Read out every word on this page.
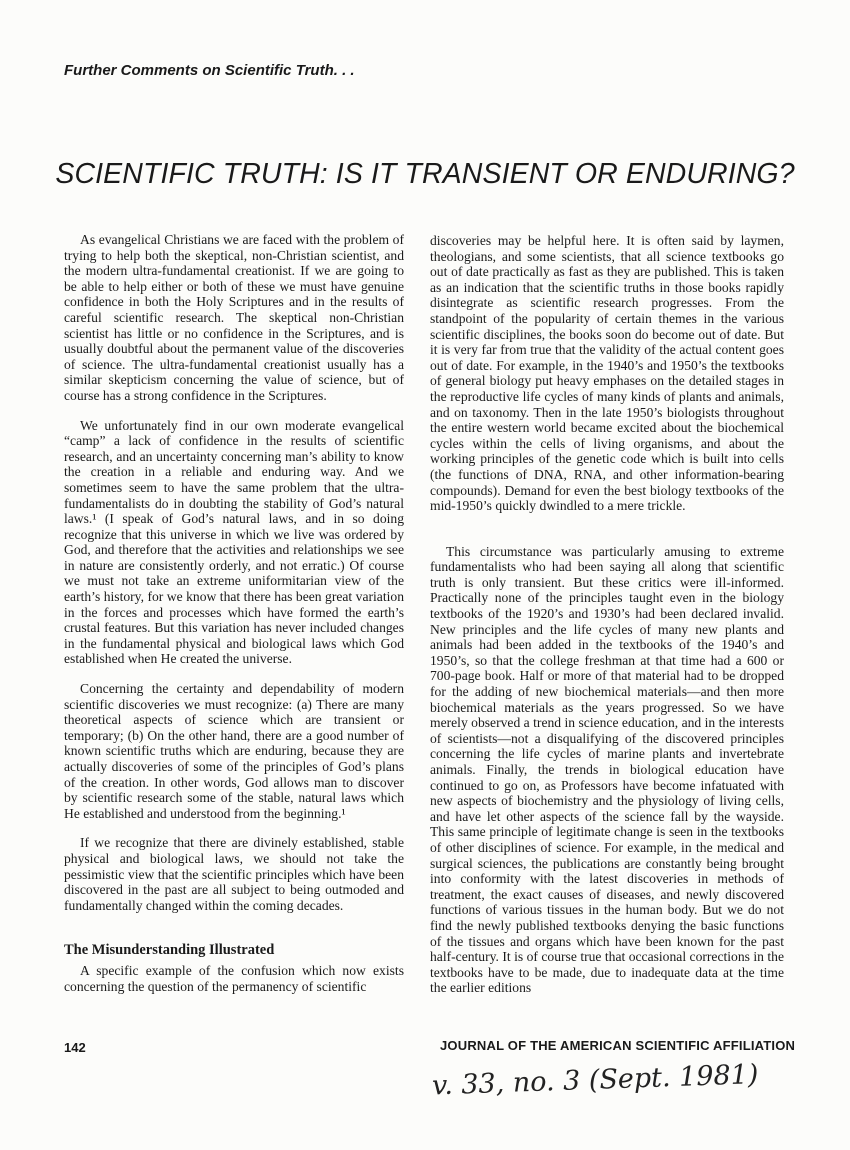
Further Comments on Scientific Truth. . .
SCIENTIFIC TRUTH: IS IT TRANSIENT OR ENDURING?

As evangelical Christians we are faced with the problem of trying to help both the skeptical, non-Christian scientist, and the modern ultra-fundamental creationist. If we are going to be able to help either or both of these we must have genuine confidence in both the Holy Scriptures and in the results of careful scientific research. The skeptical non-Christian scientist has little or no confidence in the Scriptures, and is usually doubtful about the permanent value of the discoveries of science. The ultra-fundamental creationist usually has a similar skepticism concerning the value of science, but of course has a strong confidence in the Scriptures.

We unfortunately find in our own moderate evangelical “camp” a lack of confidence in the results of scientific research, and an uncertainty concerning man’s ability to know the creation in a reliable and enduring way. And we sometimes seem to have the same problem that the ultra-fundamentalists do in doubting the stability of God’s natural laws.¹ (I speak of God’s natural laws, and in so doing recognize that this universe in which we live was ordered by God, and therefore that the activities and relationships we see in nature are consistently orderly, and not erratic.) Of course we must not take an extreme uniformitarian view of the earth’s history, for we know that there has been great variation in the forces and processes which have formed the earth’s crustal features. But this variation has never included changes in the fundamental physical and biological laws which God established when He created the universe.

Concerning the certainty and dependability of modern scientific discoveries we must recognize: (a) There are many theoretical aspects of science which are transient or temporary; (b) On the other hand, there are a good number of known scientific truths which are enduring, because they are actually discoveries of some of the principles of God’s plans of the creation. In other words, God allows man to discover by scientific research some of the stable, natural laws which He established and understood from the beginning.¹

If we recognize that there are divinely established, stable physical and biological laws, we should not take the pessimistic view that the scientific principles which have been discovered in the past are all subject to being outmoded and fundamentally changed within the coming decades.

The Misunderstanding Illustrated

A specific example of the confusion which now exists concerning the question of the permanency of scientific

discoveries may be helpful here. It is often said by laymen, theologians, and some scientists, that all science textbooks go out of date practically as fast as they are published. This is taken as an indication that the scientific truths in those books rapidly disintegrate as scientific research progresses. From the standpoint of the popularity of certain themes in the various scientific disciplines, the books soon do become out of date. But it is very far from true that the validity of the actual content goes out of date. For example, in the 1940’s and 1950’s the textbooks of general biology put heavy emphases on the detailed stages in the reproductive life cycles of many kinds of plants and animals, and on taxonomy. Then in the late 1950’s biologists throughout the entire western world became excited about the biochemical cycles within the cells of living organisms, and about the working principles of the genetic code which is built into cells (the functions of DNA, RNA, and other information-bearing compounds). Demand for even the best biology textbooks of the mid-1950’s quickly dwindled to a mere trickle.

This circumstance was particularly amusing to extreme fundamentalists who had been saying all along that scientific truth is only transient. But these critics were ill-informed. Practically none of the principles taught even in the biology textbooks of the 1920’s and 1930’s had been declared invalid. New principles and the life cycles of many new plants and animals had been added in the textbooks of the 1940’s and 1950’s, so that the college freshman at that time had a 600 or 700-page book. Half or more of that material had to be dropped for the adding of new biochemical materials—and then more biochemical materials as the years progressed. So we have merely observed a trend in science education, and in the interests of scientists—not a disqualifying of the discovered principles concerning the life cycles of marine plants and invertebrate animals. Finally, the trends in biological education have continued to go on, as Professors have become infatuated with new aspects of biochemistry and the physiology of living cells, and have let other aspects of the science fall by the wayside. This same principle of legitimate change is seen in the textbooks of other disciplines of science. For example, in the medical and surgical sciences, the publications are constantly being brought into conformity with the latest discoveries in methods of treatment, the exact causes of diseases, and newly discovered functions of various tissues in the human body. But we do not find the newly published textbooks denying the basic functions of the tissues and organs which have been known for the past half-century. It is of course true that occasional corrections in the textbooks have to be made, due to inadequate data at the time the earlier editions

142	JOURNAL OF THE AMERICAN SCIENTIFIC AFFILIATION
v. 33, no. 3 (Sept. 1981)
